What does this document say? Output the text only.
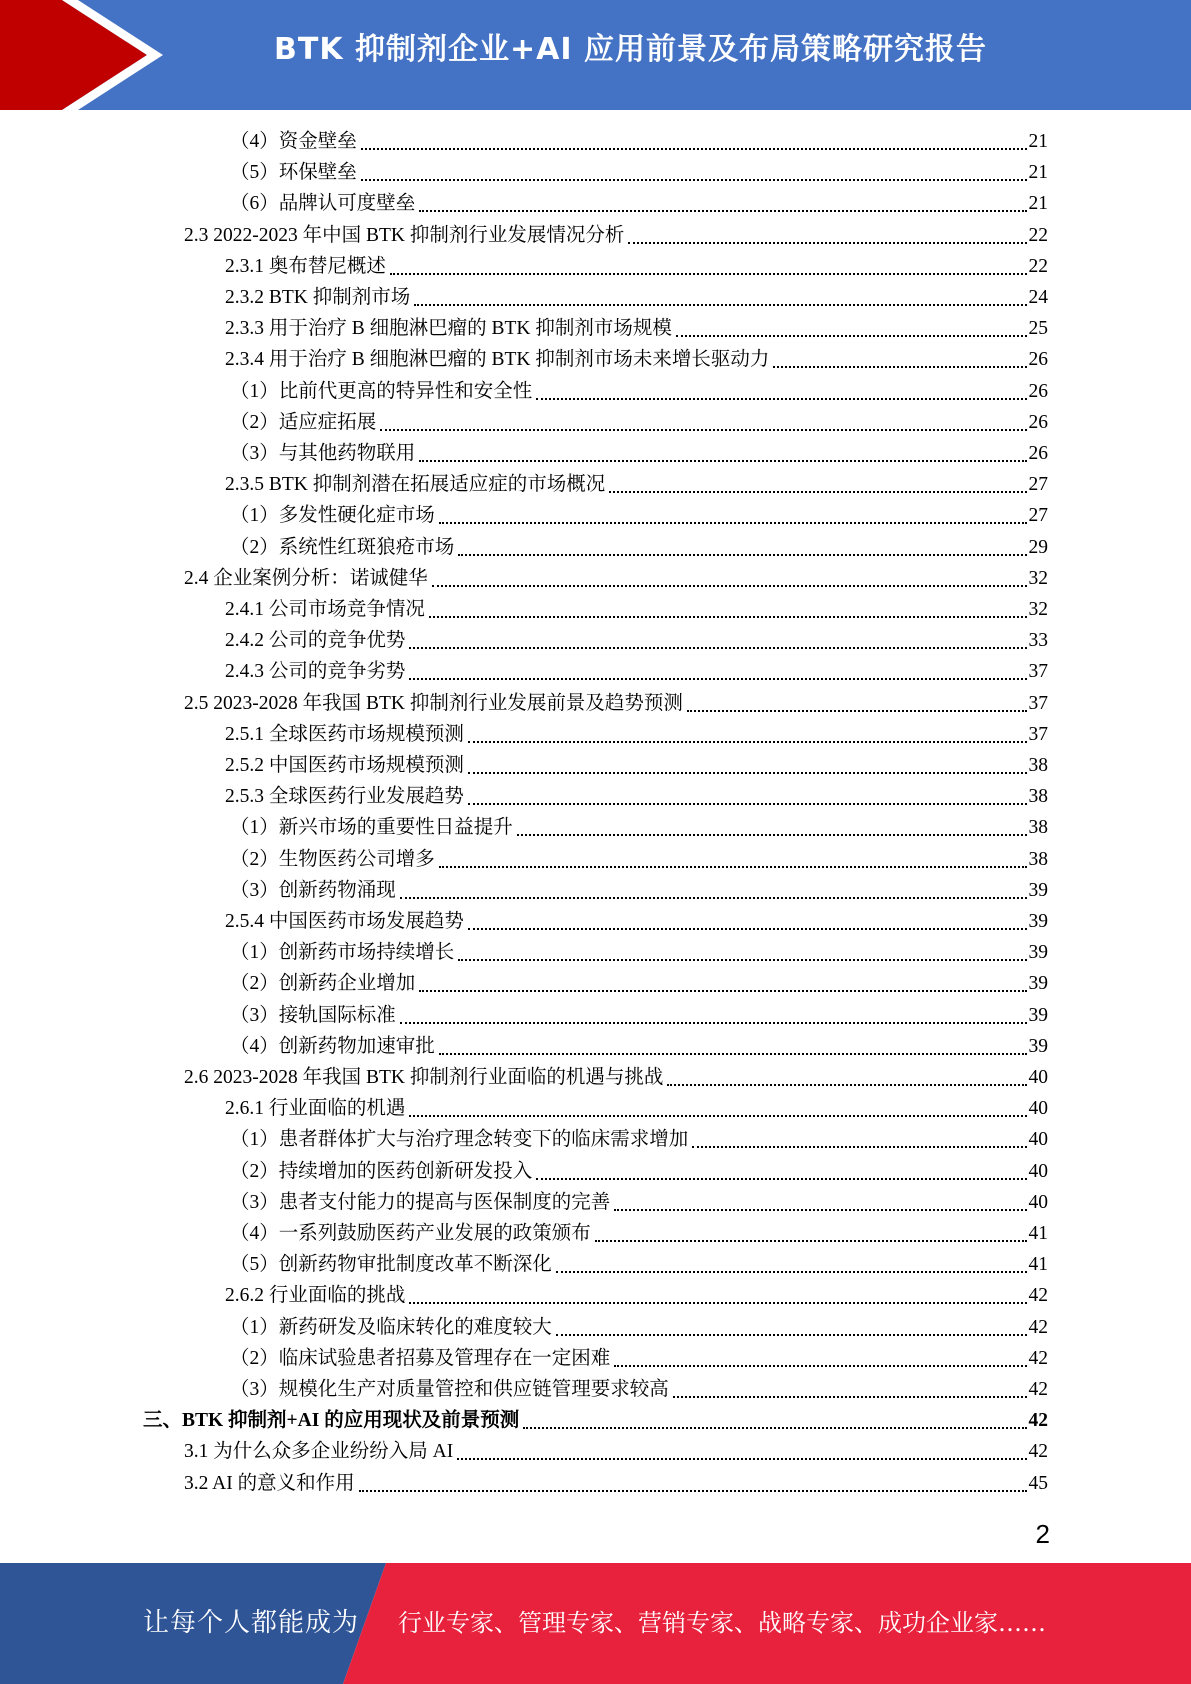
BTK 抑制剂企业+AI 应用前景及布局策略研究报告
（4）资金壁垒	21
（5）环保壁垒	21
（6）品牌认可度壁垒	21
2.3 2022-2023 年中国 BTK 抑制剂行业发展情况分析	22
2.3.1 奥布替尼概述	22
2.3.2 BTK 抑制剂市场	24
2.3.3 用于治疗 B 细胞淋巴瘤的 BTK 抑制剂市场规模	25
2.3.4 用于治疗 B 细胞淋巴瘤的 BTK 抑制剂市场未来增长驱动力	26
（1）比前代更高的特异性和安全性	26
（2）适应症拓展	26
（3）与其他药物联用	26
2.3.5 BTK 抑制剂潜在拓展适应症的市场概况	27
（1）多发性硬化症市场	27
（2）系统性红斑狼疮市场	29
2.4 企业案例分析：诺诚健华	32
2.4.1 公司市场竞争情况	32
2.4.2 公司的竞争优势	33
2.4.3 公司的竞争劣势	37
2.5 2023-2028 年我国 BTK 抑制剂行业发展前景及趋势预测	37
2.5.1 全球医药市场规模预测	37
2.5.2 中国医药市场规模预测	38
2.5.3 全球医药行业发展趋势	38
（1）新兴市场的重要性日益提升	38
（2）生物医药公司增多	38
（3）创新药物涌现	39
2.5.4 中国医药市场发展趋势	39
（1）创新药市场持续增长	39
（2）创新药企业增加	39
（3）接轨国际标准	39
（4）创新药物加速审批	39
2.6 2023-2028 年我国 BTK 抑制剂行业面临的机遇与挑战	40
2.6.1 行业面临的机遇	40
（1）患者群体扩大与治疗理念转变下的临床需求增加	40
（2）持续增加的医药创新研发投入	40
（3）患者支付能力的提高与医保制度的完善	40
（4）一系列鼓励医药产业发展的政策颁布	41
（5）创新药物审批制度改革不断深化	41
2.6.2 行业面临的挑战	42
（1）新药研发及临床转化的难度较大	42
（2）临床试验患者招募及管理存在一定困难	42
（3）规模化生产对质量管控和供应链管理要求较高	42
三、BTK 抑制剂+AI 的应用现状及前景预测	42
3.1 为什么众多企业纷纷入局 AI	42
3.2 AI 的意义和作用	45
2
让每个人都能成为 行业专家、管理专家、营销专家、战略专家、成功企业家……
